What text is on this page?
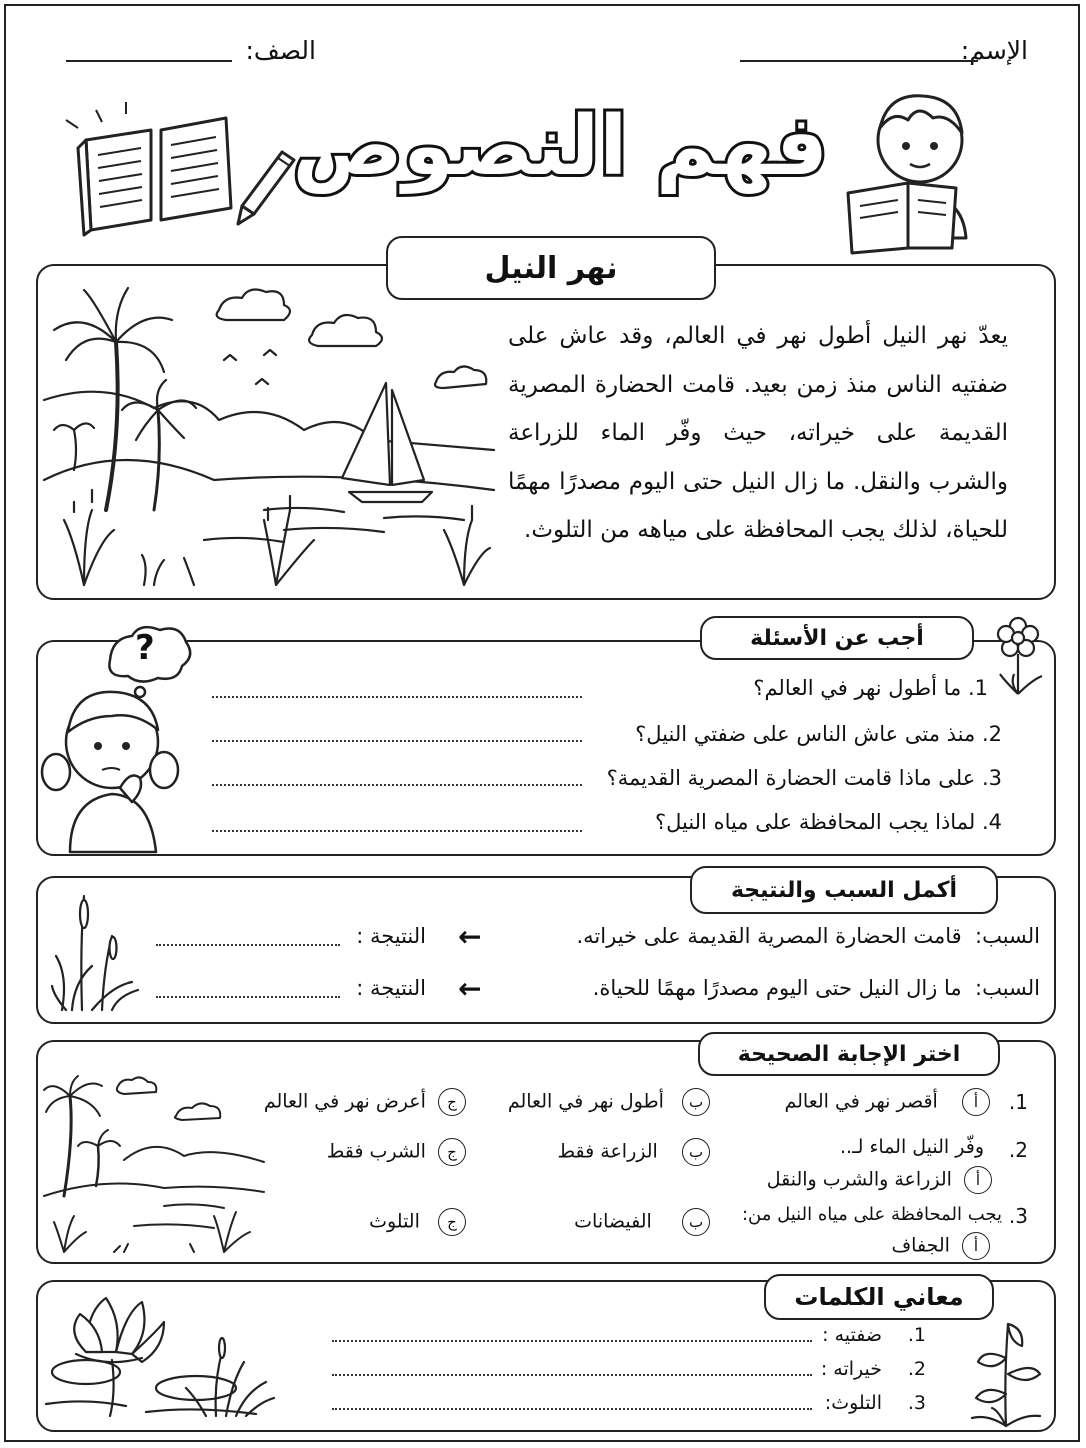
الإسم:
الصف:
فهم النصوص
نهر النيل
يعدّ نهر النيل أطول نهر في العالم، وقد عاش على ضفتيه الناس منذ زمن بعيد. قامت الحضارة المصرية القديمة على خيراته، حيث وفّر الماء للزراعة والشرب والنقل. ما زال النيل حتى اليوم مصدرًا مهمًا للحياة، لذلك يجب المحافظة على مياهه من التلوث.
أجب عن الأسئلة
?
1. ما أطول نهر في العالم؟
2. منذ متى عاش الناس على ضفتي النيل؟
3. على ماذا قامت الحضارة المصرية القديمة؟
4. لماذا يجب المحافظة على مياه النيل؟
أكمل السبب والنتيجة
السبب:  قامت الحضارة المصرية القديمة على خيراته.
←
النتيجة :
السبب:  ما زال النيل حتى اليوم مصدرًا مهمًا للحياة.
←
النتيجة :
اختر الإجابة الصحيحة
1.
أ    أقصر نهر في العالم
ب   أطول نهر في العالم
ج  أعرض نهر في العالم
2.
وفّر النيل الماء لـ..
أ  الزراعة والشرب والنقل
ب    الزراعة فقط
ج  الشرب فقط
3.
يجب المحافظة على مياه النيل من:
أ  الجفاف
ب     الفيضانات
ج   التلوث
معاني الكلمات
1.ضفتيه :
2.خيراته :
3.التلوث:
